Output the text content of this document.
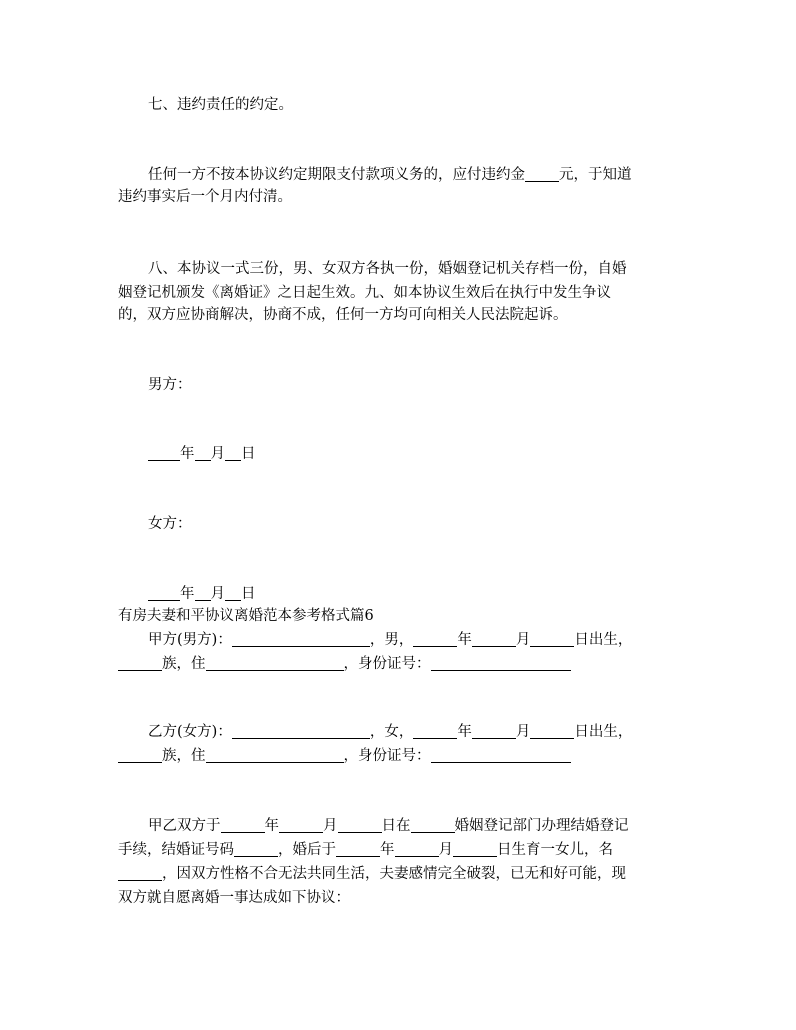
七、违约责任的约定。
任何一方不按本协议约定期限支付款项义务的，应付违约金 元，于知道
违约事实后一个月内付清。
八、本协议一式三份，男、女双方各执一份，婚姻登记机关存档一份，自婚
姻登记机颁发《离婚证》之日起生效。九、如本协议生效后在执行中发生争议
的，双方应协商解决，协商不成，任何一方均可向相关人民法院起诉。
男方：
年 月 日
女方：
年 月 日
有房夫妻和平协议离婚范本参考格式篇6
甲方(男方)：	，男，	年	月	日出生，
族，住	，身份证号：
乙方(女方)：	，女，	年	月	日出生，
族，住	，身份证号：
甲乙双方于	年	月	日在	婚姻登记部门办理结婚登记
手续，结婚证号码	，婚后于	年	月	日生育一女儿，名
，因双方性格不合无法共同生活，夫妻感情完全破裂，已无和好可能，现
双方就自愿离婚一事达成如下协议：
